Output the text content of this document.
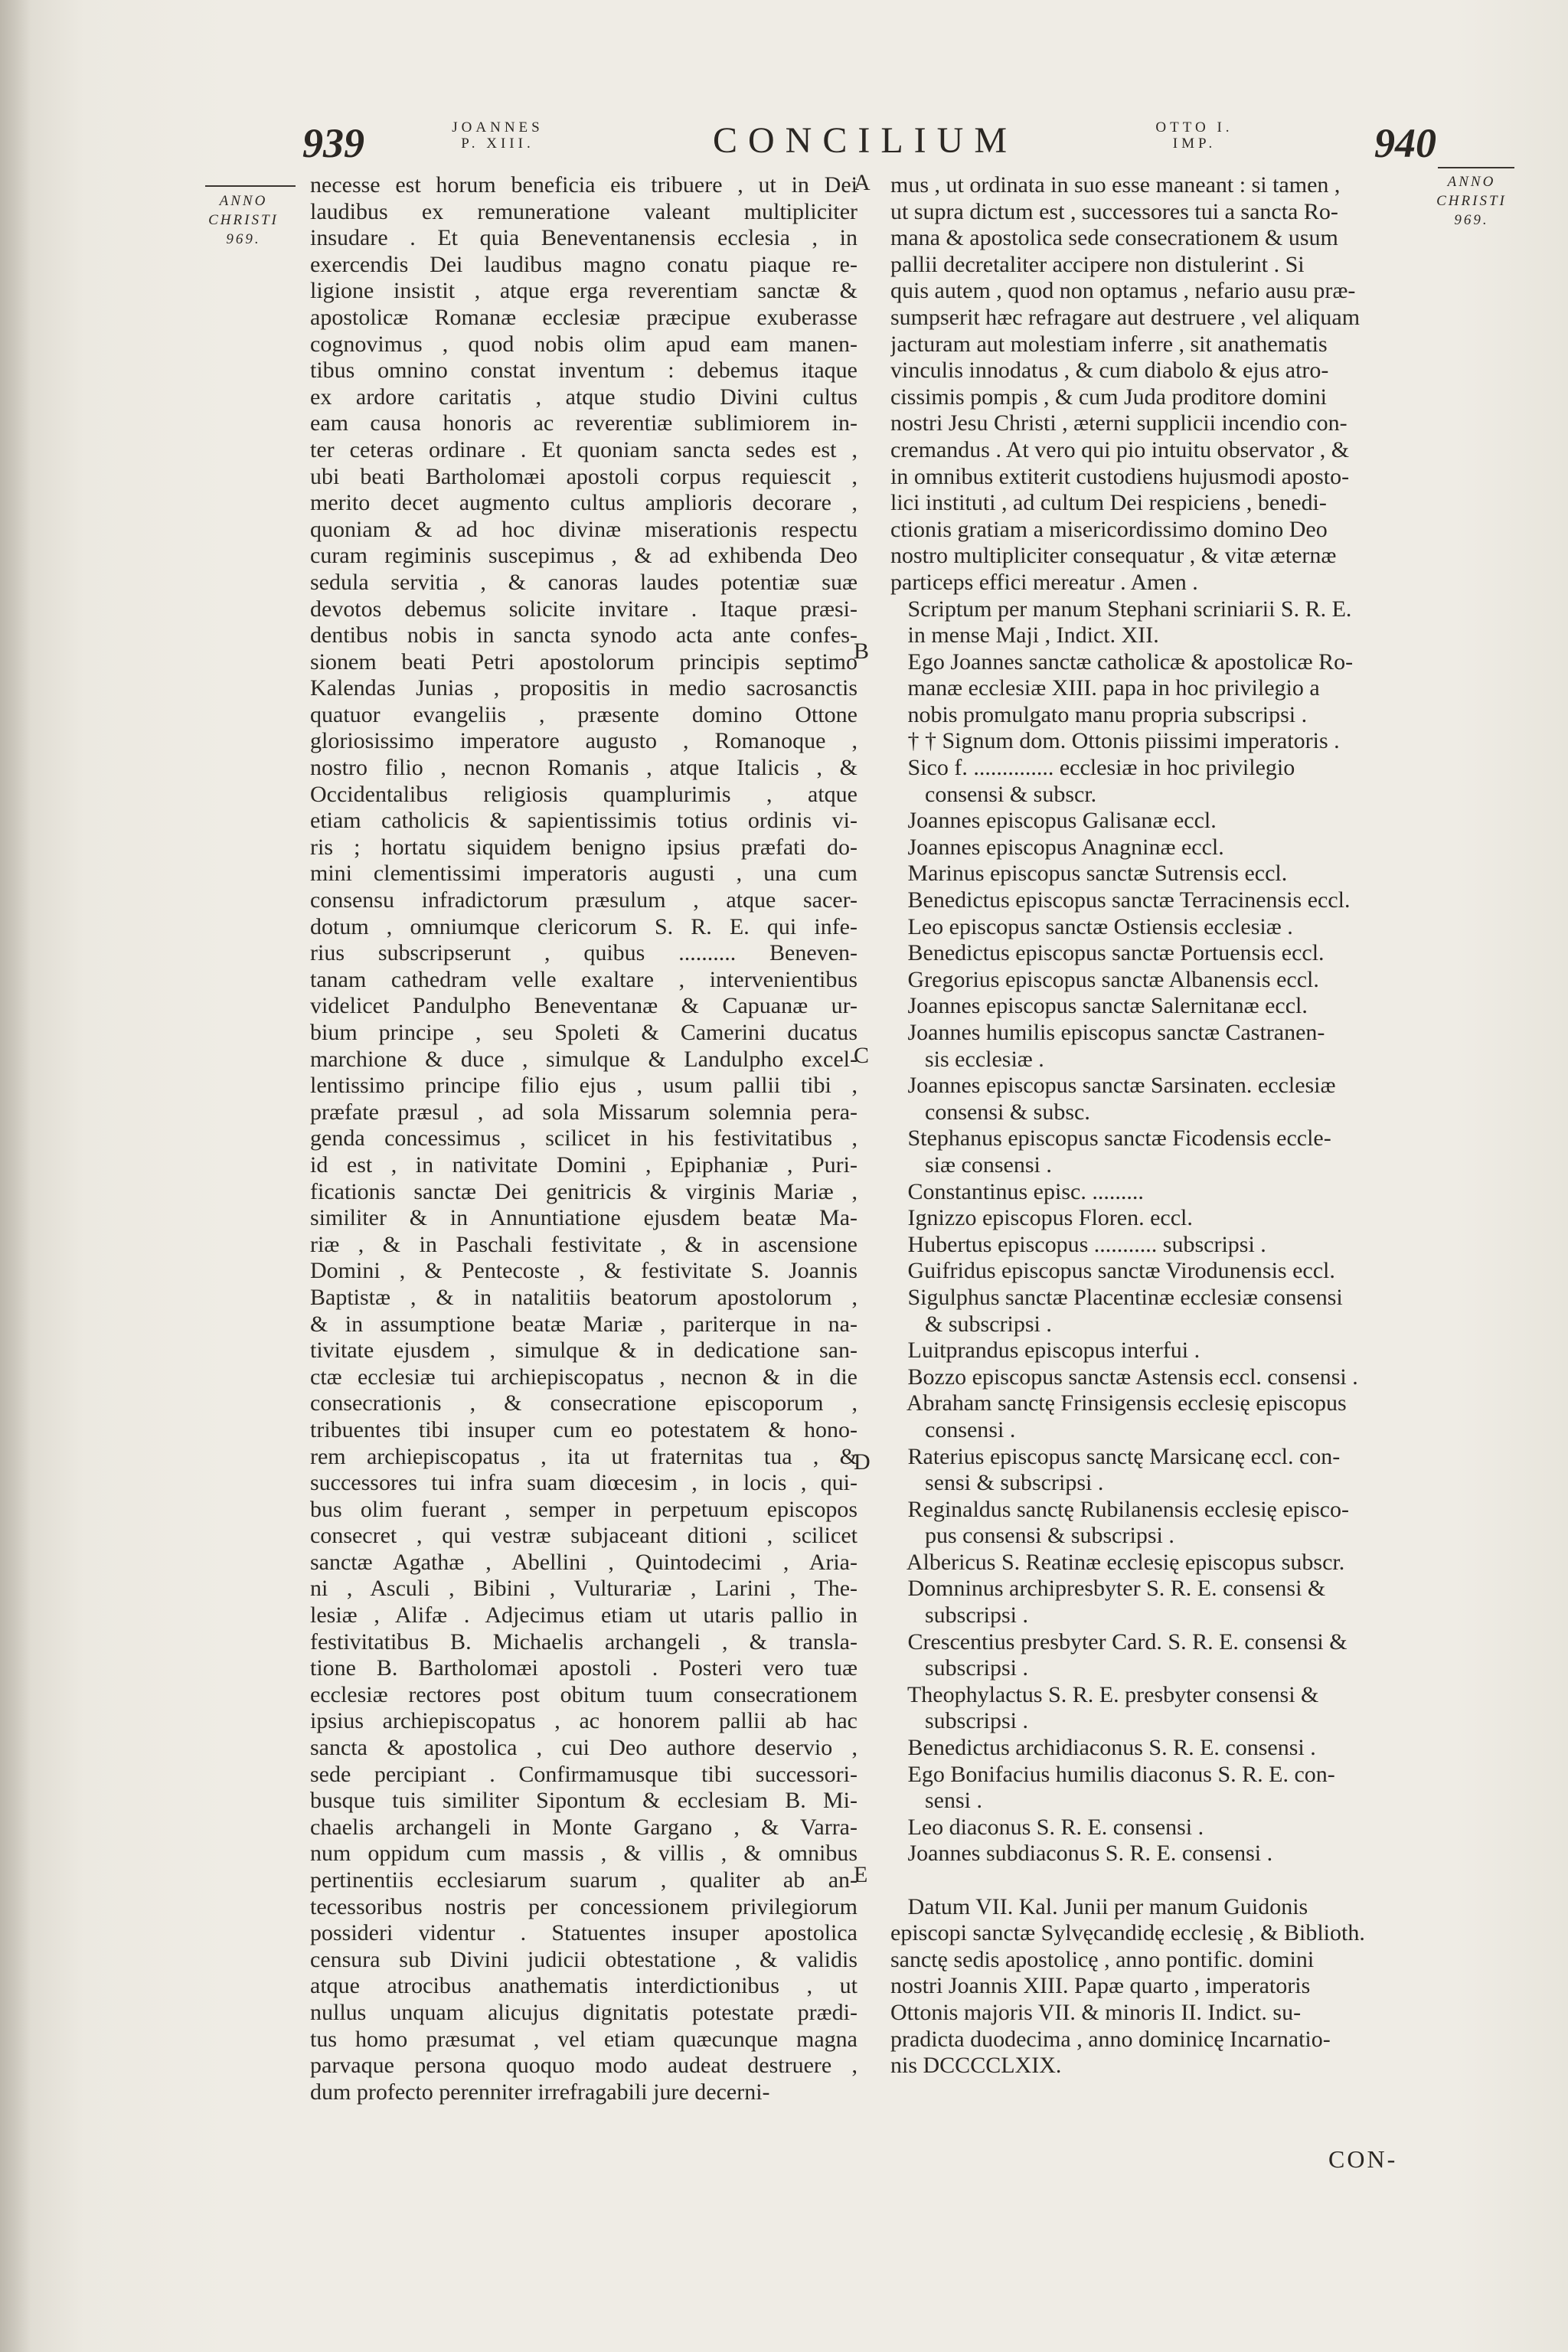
939	JOANNES
P. XIII.	CONCILIUM	OTTO I.
IMP.	940
ANNO
CHRISTI
969.
ANNO
CHRISTI
969.
A
B
C
D
E
necesse est horum beneficia eis tribuere , ut in Dei
laudibus ex remuneratione valeant multipliciter
insudare . Et quia Beneventanensis ecclesia , in
exercendis Dei laudibus magno conatu piaque re-
ligione insistit , atque erga reverentiam sanctæ &
apostolicæ Romanæ ecclesiæ præcipue exuberasse
cognovimus , quod nobis olim apud eam manen-
tibus omnino constat inventum : debemus itaque
ex ardore caritatis , atque studio Divini cultus
eam causa honoris ac reverentiæ sublimiorem in-
ter ceteras ordinare . Et quoniam sancta sedes est ,
ubi beati Bartholomæi apostoli corpus requiescit ,
merito decet augmento cultus amplioris decorare ,
quoniam & ad hoc divinæ miserationis respectu
curam regiminis suscepimus , & ad exhibenda Deo
sedula servitia , & canoras laudes potentiæ suæ
devotos debemus solicite invitare . Itaque præsi-
dentibus nobis in sancta synodo acta ante confes-
sionem beati Petri apostolorum principis septimo
Kalendas Junias , propositis in medio sacrosanctis
quatuor evangeliis , præsente domino Ottone
gloriosissimo imperatore augusto , Romanoque ,
nostro filio , necnon Romanis , atque Italicis , &
Occidentalibus religiosis quamplurimis , atque
etiam catholicis & sapientissimis totius ordinis vi-
ris ; hortatu siquidem benigno ipsius præfati do-
mini clementissimi imperatoris augusti , una cum
consensu infradictorum præsulum , atque sacer-
dotum , omniumque clericorum S. R. E. qui infe-
rius subscripserunt , quibus .......... Beneven-
tanam cathedram velle exaltare , intervenientibus
videlicet Pandulpho Beneventanæ & Capuanæ ur-
bium principe , seu Spoleti & Camerini ducatus
marchione & duce , simulque & Landulpho excel-
lentissimo principe filio ejus , usum pallii tibi ,
præfate præsul , ad sola Missarum solemnia pera-
genda concessimus , scilicet in his festivitatibus ,
id est , in nativitate Domini , Epiphaniæ , Puri-
ficationis sanctæ Dei genitricis & virginis Mariæ ,
similiter & in Annuntiatione ejusdem beatæ Ma-
riæ , & in Paschali festivitate , & in ascensione
Domini , & Pentecoste , & festivitate S. Joannis
Baptistæ , & in natalitiis beatorum apostolorum ,
& in assumptione beatæ Mariæ , pariterque in na-
tivitate ejusdem , simulque & in dedicatione san-
ctæ ecclesiæ tui archiepiscopatus , necnon & in die
consecrationis , & consecratione episcoporum ,
tribuentes tibi insuper cum eo potestatem & hono-
rem archiepiscopatus , ita ut fraternitas tua , &
successores tui infra suam diœcesim , in locis , qui-
bus olim fuerant , semper in perpetuum episcopos
consecret , qui vestræ subjaceant ditioni , scilicet
sanctæ Agathæ , Abellini , Quintodecimi , Aria-
ni , Asculi , Bibini , Vulturariæ , Larini , The-
lesiæ , Alifæ . Adjecimus etiam ut utaris pallio in
festivitatibus B. Michaelis archangeli , & transla-
tione B. Bartholomæi apostoli . Posteri vero tuæ
ecclesiæ rectores post obitum tuum consecrationem
ipsius archiepiscopatus , ac honorem pallii ab hac
sancta & apostolica , cui Deo authore deservio ,
sede percipiant . Confirmamusque tibi successori-
busque tuis similiter Sipontum & ecclesiam B. Mi-
chaelis archangeli in Monte Gargano , & Varra-
num oppidum cum massis , & villis , & omnibus
pertinentiis ecclesiarum suarum , qualiter ab an-
tecessoribus nostris per concessionem privilegiorum
possideri videntur . Statuentes insuper apostolica
censura sub Divini judicii obtestatione , & validis
atque atrocibus anathematis interdictionibus , ut
nullus unquam alicujus dignitatis potestate prædi-
tus homo præsumat , vel etiam quæcunque magna
parvaque persona quoquo modo audeat destruere ,
dum profecto perenniter irrefragabili jure decerni-
mus , ut ordinata in suo esse maneant : si tamen ,
ut supra dictum est , successores tui a sancta Ro-
mana & apostolica sede consecrationem & usum
pallii decretaliter accipere non distulerint . Si
quis autem , quod non optamus , nefario ausu præ-
sumpserit hæc refragare aut destruere , vel aliquam
jacturam aut molestiam inferre , sit anathematis
vinculis innodatus , & cum diabolo & ejus atro-
cissimis pompis , & cum Juda proditore domini
nostri Jesu Christi , æterni supplicii incendio con-
cremandus . At vero qui pio intuitu observator , &
in omnibus extiterit custodiens hujusmodi aposto-
lici instituti , ad cultum Dei respiciens , benedi-
ctionis gratiam a misericordissimo domino Deo
nostro multipliciter consequatur , & vitæ æternæ
particeps effici mereatur . Amen .
Scriptum per manum Stephani scriniarii S. R. E.
in mense Maji , Indict. XII.
Ego Joannes sanctæ catholicæ & apostolicæ Ro-
manæ ecclesiæ XIII. papa in hoc privilegio a
nobis promulgato manu propria subscripsi .
† † Signum dom. Ottonis piissimi imperatoris .
Sico f. .............. ecclesiæ in hoc privilegio
consensi & subscr.
Joannes episcopus Galisanæ eccl.
Joannes episcopus Anagninæ eccl.
Marinus episcopus sanctæ Sutrensis eccl.
Benedictus episcopus sanctæ Terracinensis eccl.
Leo episcopus sanctæ Ostiensis ecclesiæ .
Benedictus episcopus sanctæ Portuensis eccl.
Gregorius episcopus sanctæ Albanensis eccl.
Joannes episcopus sanctæ Salernitanæ eccl.
Joannes humilis episcopus sanctæ Castranen-
sis ecclesiæ .
Joannes episcopus sanctæ Sarsinaten. ecclesiæ
consensi & subsc.
Stephanus episcopus sanctæ Ficodensis eccle-
siæ consensi .
Constantinus episc. .........
Ignizzo episcopus Floren. eccl.
Hubertus episcopus ........... subscripsi .
Guifridus episcopus sanctæ Virodunensis eccl.
Sigulphus sanctæ Placentinæ ecclesiæ consensi
& subscripsi .
Luitprandus episcopus interfui .
Bozzo episcopus sanctæ Astensis eccl. consensi .
Abraham sanctę Frinsigensis ecclesię episcopus
consensi .
Raterius episcopus sanctę Marsicanę eccl. con-
sensi & subscripsi .
Reginaldus sanctę Rubilanensis ecclesię episco-
pus consensi & subscripsi .
Albericus S. Reatinæ ecclesię episcopus subscr.
Domninus archipresbyter S. R. E. consensi &
subscripsi .
Crescentius presbyter Card. S. R. E. consensi &
subscripsi .
Theophylactus S. R. E. presbyter consensi &
subscripsi .
Benedictus archidiaconus S. R. E. consensi .
Ego Bonifacius humilis diaconus S. R. E. con-
sensi .
Leo diaconus S. R. E. consensi .
Joannes subdiaconus S. R. E. consensi .
Datum VII. Kal. Junii per manum Guidonis
episcopi sanctæ Sylvęcandidę ecclesię , & Biblioth.
sanctę sedis apostolicę , anno pontific. domini
nostri Joannis XIII. Papæ quarto , imperatoris
Ottonis majoris VII. & minoris II. Indict. su-
pradicta duodecima , anno dominicę Incarnatio-
nis DCCCCLXIX.
CON-
